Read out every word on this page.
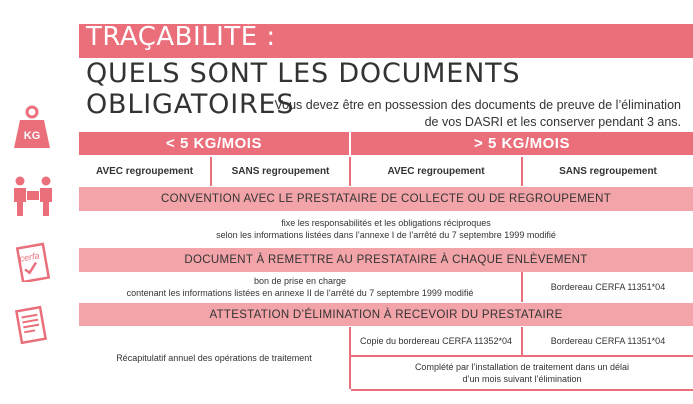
TRAÇABILITÉ :
QUELS SONT LES DOCUMENTS OBLIGATOIRES
Vous devez être en possession des documents de preuve de l’élimination
de vos DASRI et les conserver pendant 3 ans.
KG
cerfa
< 5 KG/MOIS	> 5 KG/MOIS
AVEC regroupement	SANS regroupement	AVEC regroupement	SANS regroupement
CONVENTION AVEC LE PRESTATAIRE DE COLLECTE OU DE REGROUPEMENT
fixe les responsabilités et les obligations réciproques
selon les informations listées dans l’annexe I de l’arrêté du 7 septembre 1999 modifié
DOCUMENT À REMETTRE AU PRESTATAIRE À CHAQUE ENLÈVEMENT
bon de prise en charge
contenant les informations listées en annexe II de l’arrêté du 7 septembre 1999 modifié
Bordereau CERFA 11351*04
ATTESTATION D’ÉLIMINATION À RECEVOIR DU PRESTATAIRE
Récapitulatif annuel des opérations de traitement
Copie du bordereau CERFA 11352*04	Bordereau CERFA 11351*04
Complété par l’installation de traitement dans un délai
d’un mois suivant l’élimination
